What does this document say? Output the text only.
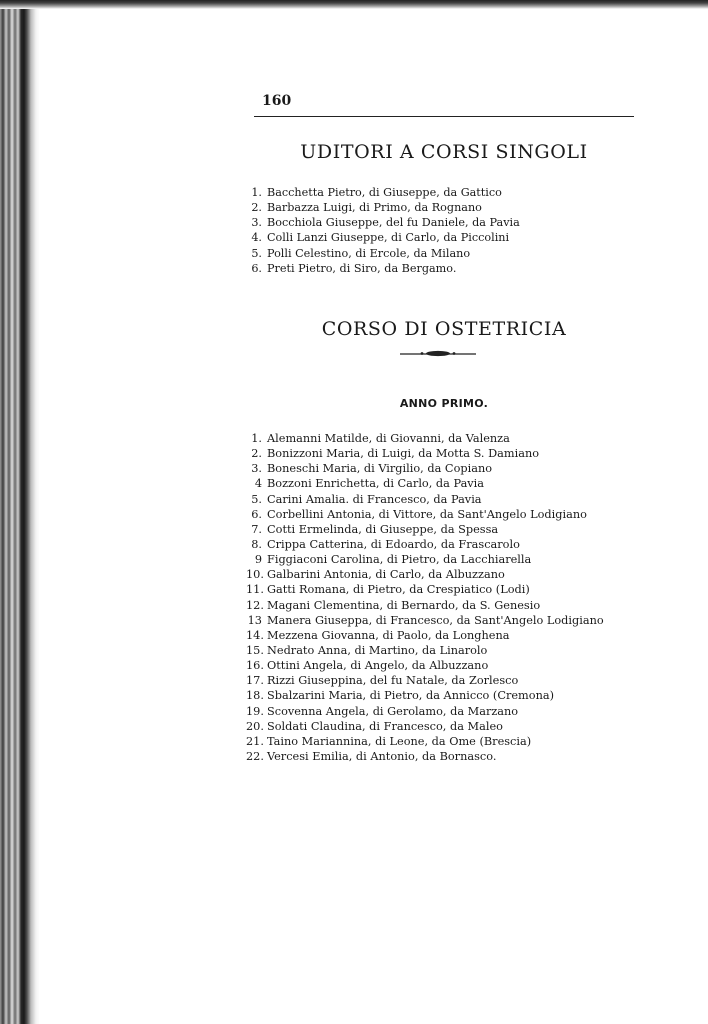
160
UDITORI A CORSI SINGOLI
1. Bacchetta Pietro, di Giuseppe, da Gattico
2. Barbazza Luigi, di Primo, da Rognano
3. Bocchiola Giuseppe, del fu Daniele, da Pavia
4. Colli Lanzi Giuseppe, di Carlo, da Piccolini
5. Polli Celestino, di Ercole, da Milano
6. Preti Pietro, di Siro, da Bergamo.
CORSO DI OSTETRICIA
ANNO PRIMO.
1. Alemanni Matilde, di Giovanni, da Valenza
2. Bonizzoni Maria, di Luigi, da Motta S. Damiano
3. Boneschi Maria, di Virgilio, da Copiano
4 Bozzoni Enrichetta, di Carlo, da Pavia
5. Carini Amalia. di Francesco, da Pavia
6. Corbellini Antonia, di Vittore, da Sant'Angelo Lodigiano
7. Cotti Ermelinda, di Giuseppe, da Spessa
8. Crippa Catterina, di Edoardo, da Frascarolo
9 Figgiaconi Carolina, di Pietro, da Lacchiarella
10. Galbarini Antonia, di Carlo, da Albuzzano
11. Gatti Romana, di Pietro, da Crespiatico (Lodi)
12. Magani Clementina, di Bernardo, da S. Genesio
13 Manera Giuseppa, di Francesco, da Sant'Angelo Lodigiano
14. Mezzena Giovanna, di Paolo, da Longhena
15. Nedrato Anna, di Martino, da Linarolo
16. Ottini Angela, di Angelo, da Albuzzano
17. Rizzi Giuseppina, del fu Natale, da Zorlesco
18. Sbalzarini Maria, di Pietro, da Annicco (Cremona)
19. Scovenna Angela, di Gerolamo, da Marzano
20. Soldati Claudina, di Francesco, da Maleo
21. Taino Mariannina, di Leone, da Ome (Brescia)
22. Vercesi Emilia, di Antonio, da Bornasco.
